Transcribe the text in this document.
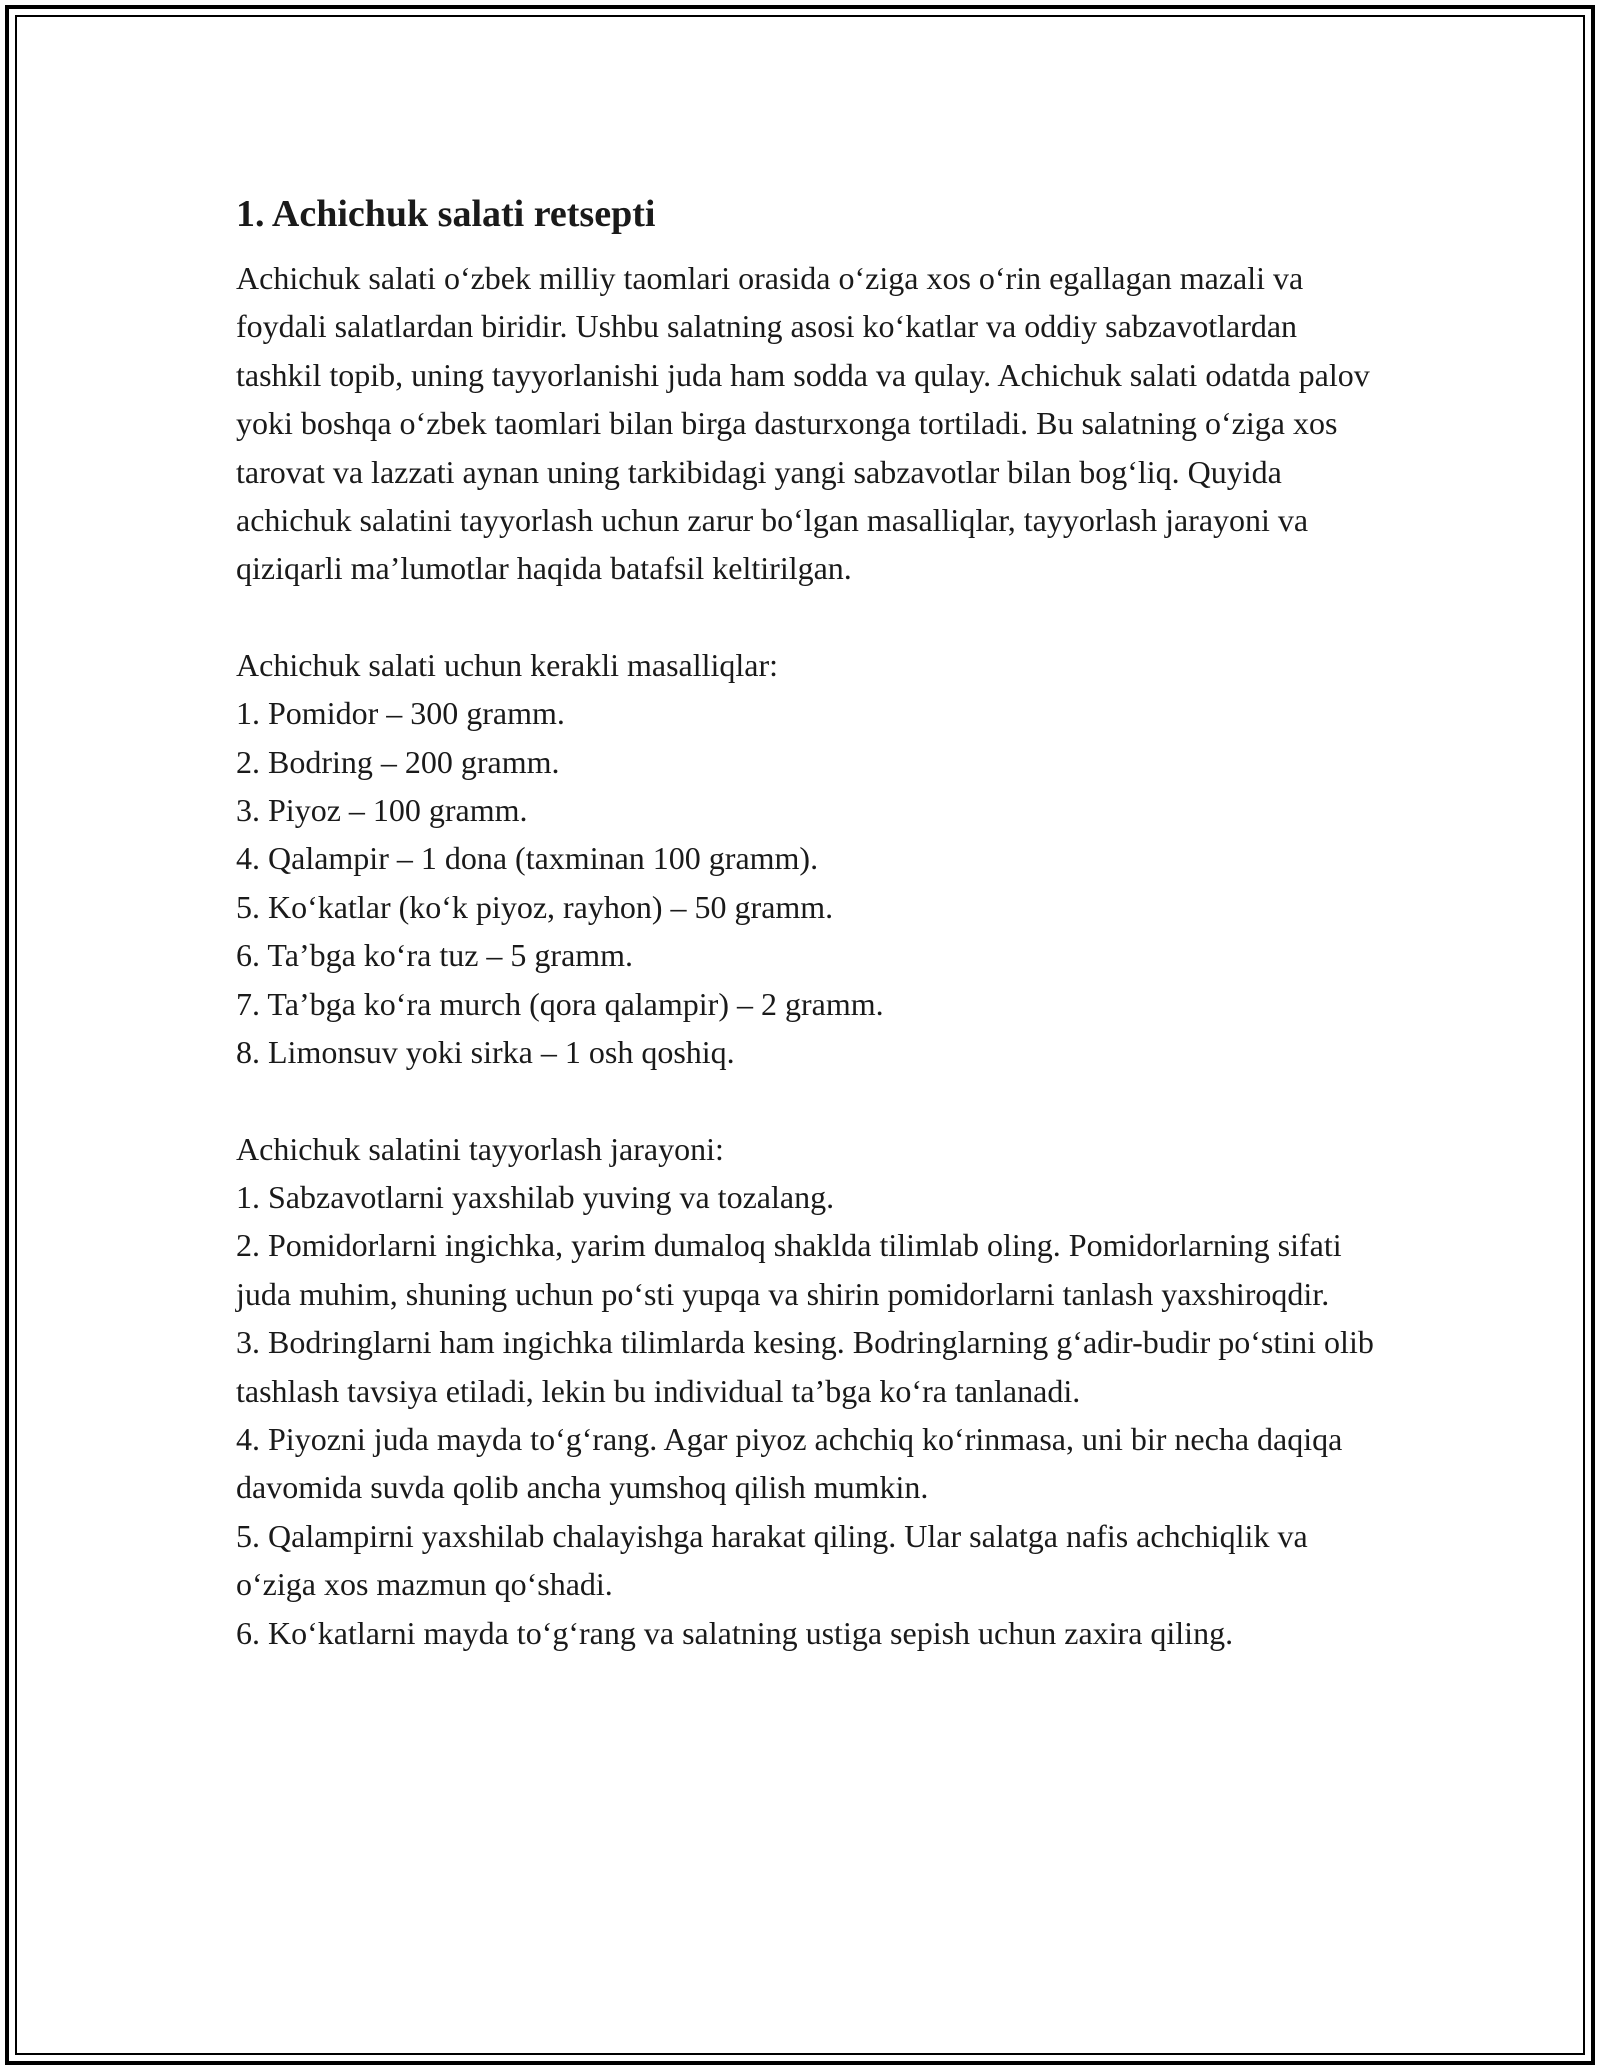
1. Achichuk salati retsepti

Achichuk salati o‘zbek milliy taomlari orasida o‘ziga xos o‘rin egallagan mazali va foydali salatlardan biridir. Ushbu salatning asosi ko‘katlar va oddiy sabzavotlardan tashkil topib, uning tayyorlanishi juda ham sodda va qulay. Achichuk salati odatda palov yoki boshqa o‘zbek taomlari bilan birga dasturxonga tortiladi. Bu salatning o‘ziga xos tarovat va lazzati aynan uning tarkibidagi yangi sabzavotlar bilan bog‘liq. Quyida achichuk salatini tayyorlash uchun zarur bo‘lgan masalliqlar, tayyorlash jarayoni va qiziqarli ma’lumotlar haqida batafsil keltirilgan.

Achichuk salati uchun kerakli masalliqlar:

1. Pomidor – 300 gramm.

2. Bodring – 200 gramm.

3. Piyoz – 100 gramm.

4. Qalampir – 1 dona (taxminan 100 gramm).

5. Ko‘katlar (ko‘k piyoz, rayhon) – 50 gramm.

6. Ta’bga ko‘ra tuz – 5 gramm.

7. Ta’bga ko‘ra murch (qora qalampir) – 2 gramm.

8. Limonsuv yoki sirka – 1 osh qoshiq.

Achichuk salatini tayyorlash jarayoni:

1. Sabzavotlarni yaxshilab yuving va tozalang.

2. Pomidorlarni ingichka, yarim dumaloq shaklda tilimlab oling. Pomidorlarning sifati juda muhim, shuning uchun po‘sti yupqa va shirin pomidorlarni tanlash yaxshiroqdir.

3. Bodringlarni ham ingichka tilimlarda kesing. Bodringlarning g‘adir-budir po‘stini olib tashlash tavsiya etiladi, lekin bu individual ta’bga ko‘ra tanlanadi.

4. Piyozni juda mayda to‘g‘rang. Agar piyoz achchiq ko‘rinmasa, uni bir necha daqiqa davomida suvda qolib ancha yumshoq qilish mumkin.

5. Qalampirni yaxshilab chalayishga harakat qiling. Ular salatga nafis achchiqlik va o‘ziga xos mazmun qo‘shadi.

6. Ko‘katlarni mayda to‘g‘rang va salatning ustiga sepish uchun zaxira qiling.
